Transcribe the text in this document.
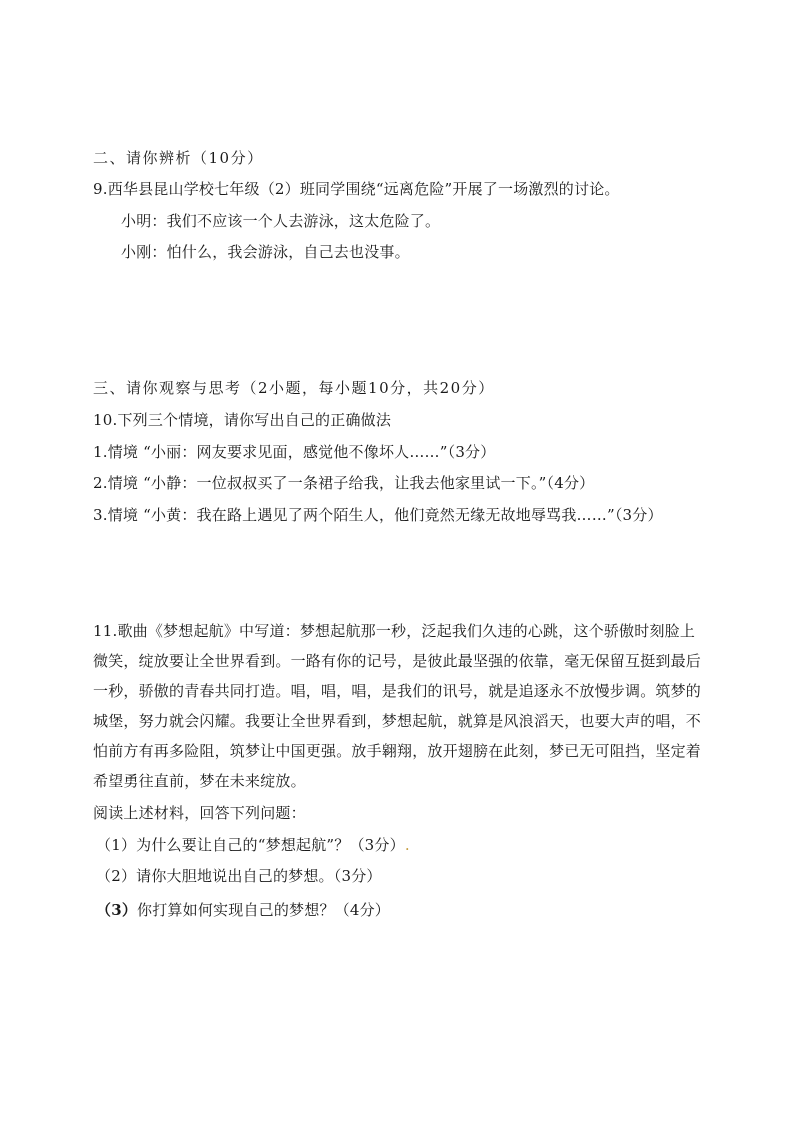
二、请你辨析（10分）
9.西华县昆山学校七年级（2）班同学围绕“远离危险”开展了一场激烈的讨论。
小明：我们不应该一个人去游泳，这太危险了。
小刚：怕什么，我会游泳，自己去也没事。
三、请你观察与思考（2小题，每小题10分，共20分）
10.下列三个情境，请你写出自己的正确做法
1.情境 “小丽：网友要求见面，感觉他不像坏人……”（3分）
2.情境 “小静：一位叔叔买了一条裙子给我，让我去他家里试一下。”（4分）
3.情境 “小黄：我在路上遇见了两个陌生人，他们竟然无缘无故地辱骂我……”（3分）
11.歌曲《梦想起航》中写道：梦想起航那一秒，泛起我们久违的心跳，这个骄傲时刻脸上微笑，绽放要让全世界看到。一路有你的记号，是彼此最坚强的依靠，毫无保留互挺到最后一秒，骄傲的青春共同打造。唱，唱，唱，是我们的讯号，就是追逐永不放慢步调。筑梦的城堡，努力就会闪耀。我要让全世界看到，梦想起航，就算是风浪滔天，也要大声的唱，不怕前方有再多险阻，筑梦让中国更强。放手翱翔，放开翅膀在此刻，梦已无可阻挡，坚定着希望勇往直前，梦在未来绽放。
阅读上述材料，回答下列问题：
（1）为什么要让自己的“梦想起航”？（3分）.
（2）请你大胆地说出自己的梦想。（3分）
（3）你打算如何实现自己的梦想？（4分）
